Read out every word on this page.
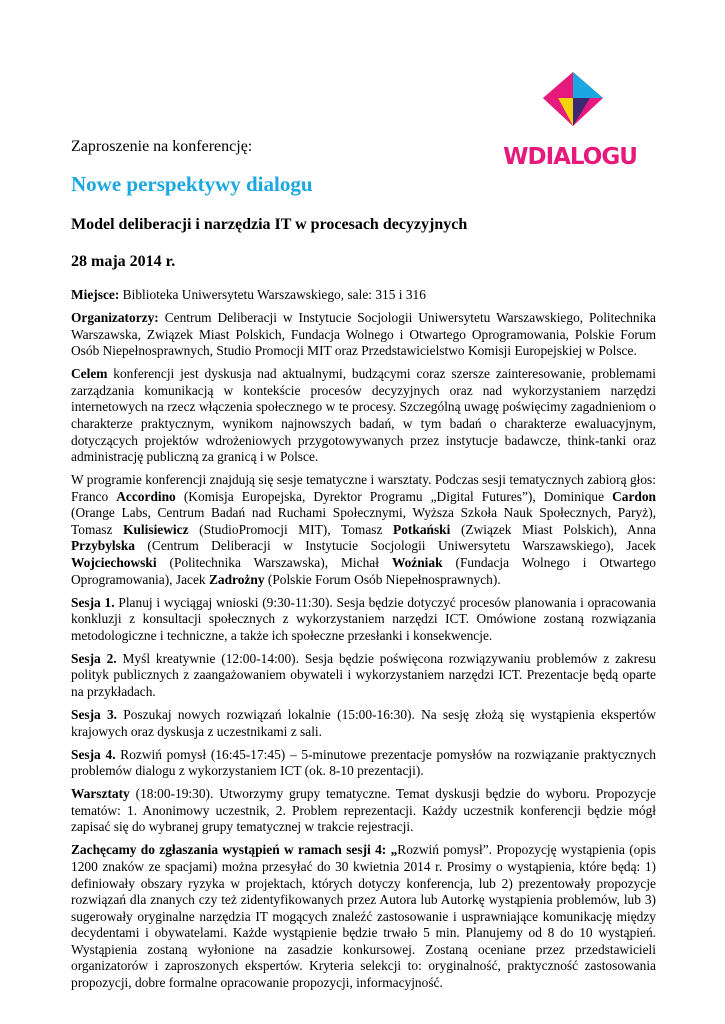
WDIALOGU
Zaproszenie na konferencję:
Nowe perspektywy dialogu
Model deliberacji i narzędzia IT w procesach decyzyjnych
28 maja 2014 r.

Miejsce: Biblioteka Uniwersytetu Warszawskiego, sale: 315 i 316

Organizatorzy: Centrum Deliberacji w Instytucie Socjologii Uniwersytetu Warszawskiego, Politechnika Warszawska, Związek Miast Polskich, Fundacja Wolnego i Otwartego Oprogramowania, Polskie Forum Osób Niepełnosprawnych, Studio Promocji MIT oraz Przedstawicielstwo Komisji Europejskiej w Polsce.

Celem konferencji jest dyskusja nad aktualnymi, budzącymi coraz szersze zainteresowanie, problemami zarządzania komunikacją w kontekście procesów decyzyjnych oraz nad wykorzystaniem narzędzi internetowych na rzecz włączenia społecznego w te procesy. Szczególną uwagę poświęcimy zagadnieniom o charakterze praktycznym, wynikom najnowszych badań, w tym badań o charakterze ewaluacyjnym, dotyczących projektów wdrożeniowych przygotowywanych przez instytucje badawcze, think-tanki oraz administrację publiczną za granicą i w Polsce.

W programie konferencji znajdują się sesje tematyczne i warsztaty. Podczas sesji tematycznych zabiorą głos: Franco Accordino (Komisja Europejska, Dyrektor Programu „Digital Futures”), Dominique Cardon (Orange Labs, Centrum Badań nad Ruchami Społecznymi, Wyższa Szkoła Nauk Społecznych, Paryż), Tomasz Kulisiewicz (StudioPromocji MIT), Tomasz Potkański (Związek Miast Polskich), Anna Przybylska (Centrum Deliberacji w Instytucie Socjologii Uniwersytetu Warszawskiego), Jacek Wojciechowski (Politechnika Warszawska), Michał Woźniak (Fundacja Wolnego i Otwartego Oprogramowania), Jacek Zadrożny (Polskie Forum Osób Niepełnosprawnych).

Sesja 1. Planuj i wyciągaj wnioski (9:30-11:30). Sesja będzie dotyczyć procesów planowania i opracowania konkluzji z konsultacji społecznych z wykorzystaniem narzędzi ICT. Omówione zostaną rozwiązania metodologiczne i techniczne, a także ich społeczne przesłanki i konsekwencje.

Sesja 2. Myśl kreatywnie (12:00-14:00). Sesja będzie poświęcona rozwiązywaniu problemów z zakresu polityk publicznych z zaangażowaniem obywateli i wykorzystaniem narzędzi ICT. Prezentacje będą oparte na przykładach.

Sesja 3. Poszukaj nowych rozwiązań lokalnie (15:00-16:30). Na sesję złożą się wystąpienia ekspertów krajowych oraz dyskusja z uczestnikami z sali.

Sesja 4. Rozwiń pomysł (16:45-17:45) – 5-minutowe prezentacje pomysłów na rozwiązanie praktycznych problemów dialogu z wykorzystaniem ICT (ok. 8-10 prezentacji).

Warsztaty (18:00-19:30). Utworzymy grupy tematyczne. Temat dyskusji będzie do wyboru. Propozycje tematów: 1. Anonimowy uczestnik, 2. Problem reprezentacji. Każdy uczestnik konferencji będzie mógł zapisać się do wybranej grupy tematycznej w trakcie rejestracji.

Zachęcamy do zgłaszania wystąpień w ramach sesji 4: „Rozwiń pomysł”. Propozycję wystąpienia (opis 1200 znaków ze spacjami) można przesyłać do 30 kwietnia 2014 r. Prosimy o wystąpienia, które będą: 1) definiowały obszary ryzyka w projektach, których dotyczy konferencja, lub 2) prezentowały propozycje rozwiązań dla znanych czy też zidentyfikowanych przez Autora lub Autorkę wystąpienia problemów, lub 3) sugerowały oryginalne narzędzia IT mogących znaleźć zastosowanie i usprawniające komunikację między decydentami i obywatelami. Każde wystąpienie będzie trwało 5 min. Planujemy od 8 do 10 wystąpień. Wystąpienia zostaną wyłonione na zasadzie konkursowej. Zostaną oceniane przez przedstawicieli organizatorów i zaproszonych ekspertów. Kryteria selekcji to: oryginalność, praktyczność zastosowania propozycji, dobre formalne opracowanie propozycji, informacyjność.
